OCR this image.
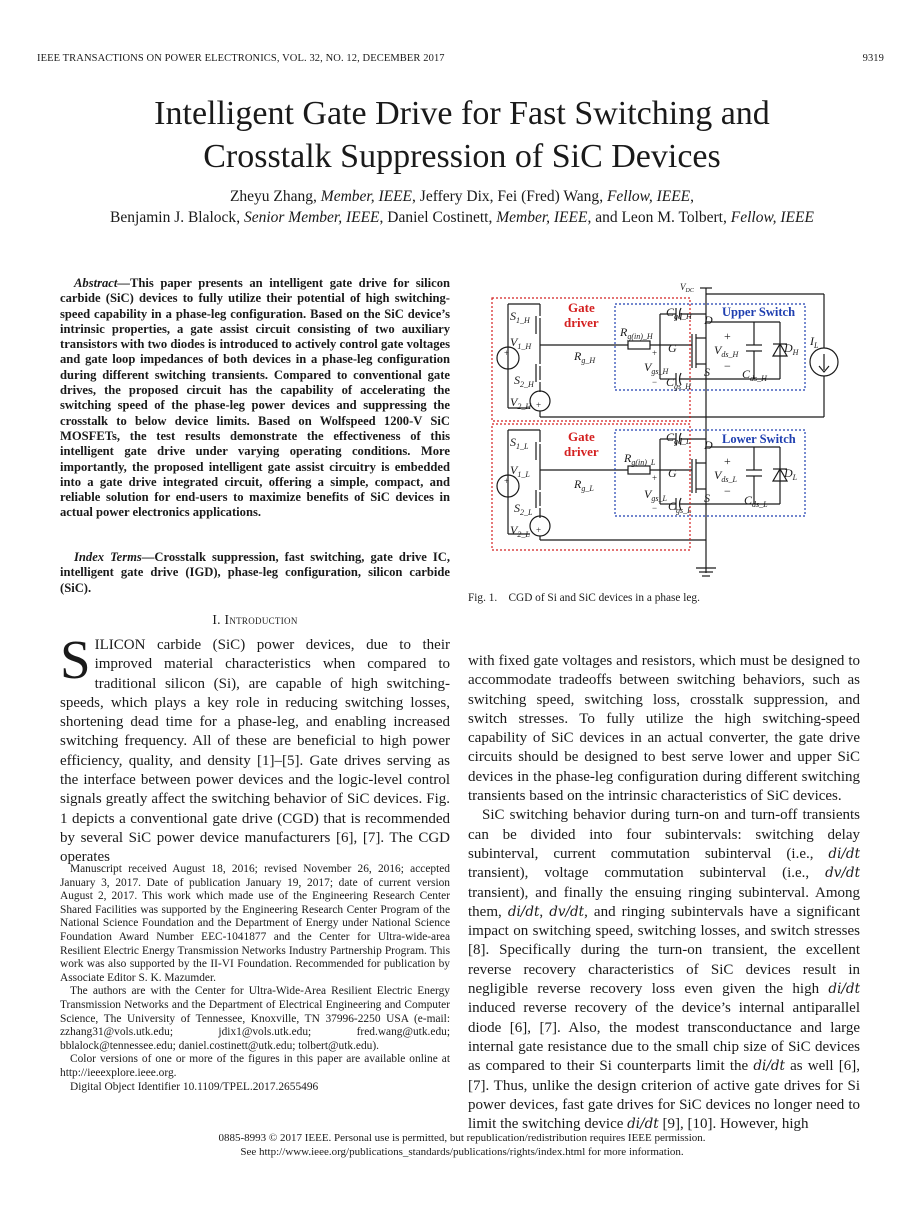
IEEE TRANSACTIONS ON POWER ELECTRONICS, VOL. 32, NO. 12, DECEMBER 2017	9319
Intelligent Gate Drive for Fast Switching and
Crosstalk Suppression of SiC Devices
Zheyu Zhang, Member, IEEE, Jeffery Dix, Fei (Fred) Wang, Fellow, IEEE,
Benjamin J. Blalock, Senior Member, IEEE, Daniel Costinett, Member, IEEE, and Leon M. Tolbert, Fellow, IEEE
Abstract—This paper presents an intelligent gate drive for silicon carbide (SiC) devices to fully utilize their potential of high switching-speed capability in a phase-leg configuration. Based on the SiC device’s intrinsic properties, a gate assist circuit consisting of two auxiliary transistors with two diodes is introduced to actively control gate voltages and gate loop impedances of both devices in a phase-leg configuration during different switching transients. Compared to conventional gate drives, the proposed circuit has the capability of accelerating the switching speed of the phase-leg power devices and suppressing the crosstalk to below device limits. Based on Wolfspeed 1200-V SiC MOSFETs, the test results demonstrate the effectiveness of this intelligent gate drive under varying operating conditions. More importantly, the proposed intelligent gate assist circuitry is embedded into a gate drive integrated circuit, offering a simple, compact, and reliable solution for end-users to maximize benefits of SiC devices in actual power electronics applications.
Index Terms—Crosstalk suppression, fast switching, gate drive IC, intelligent gate drive (IGD), phase-leg configuration, silicon carbide (SiC).
I. Introduction
SILICON carbide (SiC) power devices, due to their improved material characteristics when compared to traditional silicon (Si), are capable of high switching-speeds, which plays a key role in reducing switching losses, shortening dead time for a phase-leg, and enabling increased switching frequency. All of these are beneficial to high power efficiency, quality, and density [1]–[5]. Gate drives serving as the interface between power devices and the logic-level control signals greatly affect the switching behavior of SiC devices. Fig. 1 depicts a conventional gate drive (CGD) that is recommended by several SiC power device manufacturers [6], [7]. The CGD operates

Manuscript received August 18, 2016; revised November 26, 2016; accepted January 3, 2017. Date of publication January 19, 2017; date of current version August 2, 2017. This work which made use of the Engineering Research Center Shared Facilities was supported by the Engineering Research Center Program of the National Science Foundation and the Department of Energy under National Science Foundation Award Number EEC-1041877 and the Center for Ultra-wide-area Resilient Electric Energy Transmission Networks Industry Partnership Program. This work was also supported by the II-VI Foundation. Recommended for publication by Associate Editor S. K. Mazumder.

The authors are with the Center for Ultra-Wide-Area Resilient Electric Energy Transmission Networks and the Department of Electrical Engineering and Computer Science, The University of Tennessee, Knoxville, TN 37996-2250 USA (e-mail: zzhang31@vols.utk.edu; jdix1@vols.utk.edu; fred.wang@utk.edu; bblalock@tennessee.edu; daniel.costinett@utk.edu; tolbert@utk.edu).

Color versions of one or more of the figures in this paper are available online at http://ieeexplore.ieee.org.

Digital Object Identifier 10.1109/TPEL.2017.2655496

$V_{DC}$
Gate
driver
Gate
driver
Upper Switch
Lower Switch
D
G
S
D
G
S
$I_L$
$S_{1\_H}$
$V_{1\_H}$
$S_{2\_H}$
$V_{2\_H}$
$R_{g\_H}$
$R_{g(in)\_H}$
$C_{gd\_H}$
$C_{gs\_H}$
$V_{gs\_H}$
$V_{ds\_H}$
$C_{ds\_H}$
$D_H$
$S_{1\_L}$
$V_{1\_L}$
$S_{2\_L}$
$V_{2\_L}$
$R_{g\_L}$
$R_{g(in)\_L}$
$C_{gd\_L}$
$C_{gs\_L}$
$V_{gs\_L}$
$V_{ds\_L}$
$C_{ds\_L}$
$D_L$
+
−
+
−
+
−
+
−
+
+
+
+
Fig. 1. CGD of Si and SiC devices in a phase leg.
with fixed gate voltages and resistors, which must be designed to accommodate tradeoffs between switching behaviors, such as switching speed, switching loss, crosstalk suppression, and switch stresses. To fully utilize the high switching-speed capability of SiC devices in an actual converter, the gate drive circuits should be designed to best serve lower and upper SiC devices in the phase-leg configuration during different switching transients based on the intrinsic characteristics of SiC devices.
SiC switching behavior during turn-on and turn-off transients can be divided into four subintervals: switching delay subinterval, current commutation subinterval (i.e., di/dt transient), voltage commutation subinterval (i.e., dv/dt transient), and finally the ensuing ringing subinterval. Among them, di/dt, dv/dt, and ringing subintervals have a significant impact on switching speed, switching losses, and switch stresses [8]. Specifically during the turn-on transient, the excellent reverse recovery characteristics of SiC devices result in negligible reverse recovery loss even given the high di/dt induced reverse recovery of the device’s internal antiparallel diode [6], [7]. Also, the modest transconductance and large internal gate resistance due to the small chip size of SiC devices as compared to their Si counterparts limit the di/dt as well [6], [7]. Thus, unlike the design criterion of active gate drives for Si power devices, fast gate drives for SiC devices no longer need to limit the switching device di/dt [9], [10]. However, high
0885-8993 © 2017 IEEE. Personal use is permitted, but republication/redistribution requires IEEE permission.
See http://www.ieee.org/publications_standards/publications/rights/index.html for more information.
